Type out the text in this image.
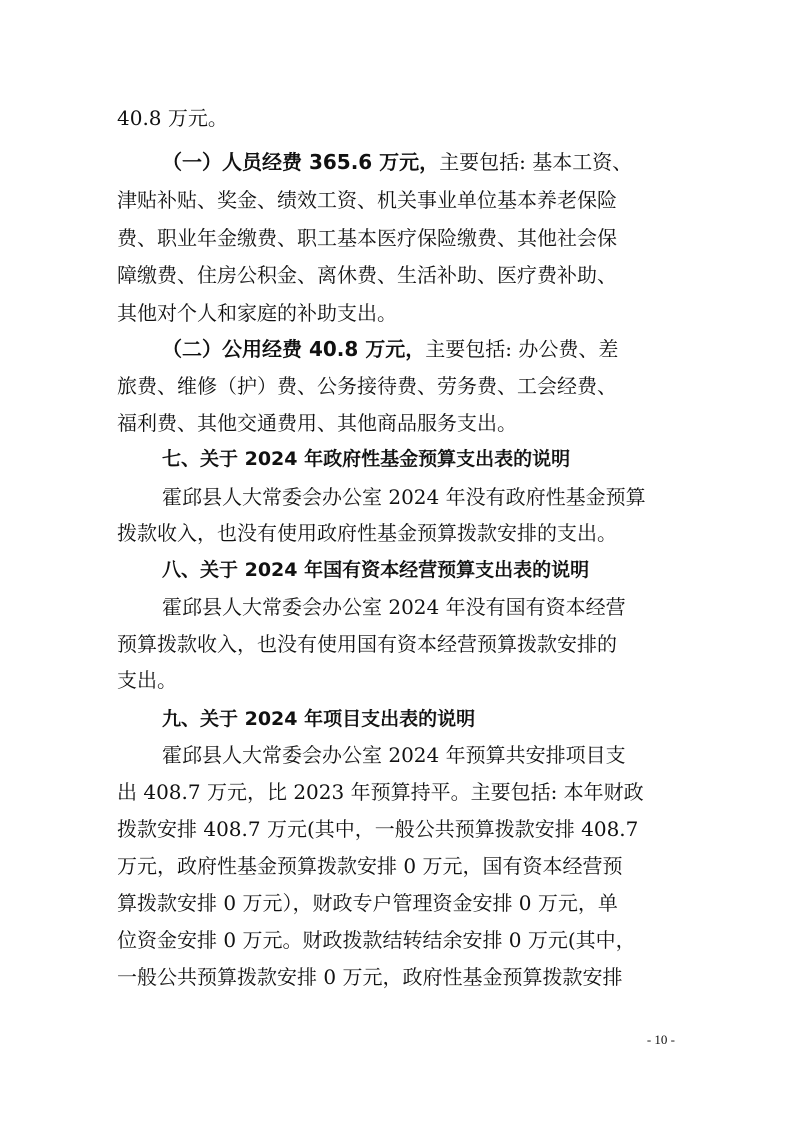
40.8 万元。
（一）人员经费 365.6 万元，主要包括: 基本工资、
津贴补贴、奖金、绩效工资、机关事业单位基本养老保险
费、职业年金缴费、职工基本医疗保险缴费、其他社会保
障缴费、住房公积金、离休费、生活补助、医疗费补助、
其他对个人和家庭的补助支出。
（二）公用经费 40.8 万元，主要包括: 办公费、差
旅费、维修（护）费、公务接待费、劳务费、工会经费、
福利费、其他交通费用、其他商品服务支出。
七、关于 2024 年政府性基金预算支出表的说明
霍邱县人大常委会办公室 2024 年没有政府性基金预算
拨款收入，也没有使用政府性基金预算拨款安排的支出。
八、关于 2024 年国有资本经营预算支出表的说明
霍邱县人大常委会办公室 2024 年没有国有资本经营
预算拨款收入，也没有使用国有资本经营预算拨款安排的
支出。
九、关于 2024 年项目支出表的说明
霍邱县人大常委会办公室 2024 年预算共安排项目支
出 408.7 万元，比 2023 年预算持平。主要包括: 本年财政
拨款安排 408.7 万元(其中，一般公共预算拨款安排 408.7
万元，政府性基金预算拨款安排 0 万元，国有资本经营预
算拨款安排 0 万元），财政专户管理资金安排 0 万元，单
位资金安排 0 万元。财政拨款结转结余安排 0 万元(其中，
一般公共预算拨款安排 0 万元，政府性基金预算拨款安排
- 10 -
